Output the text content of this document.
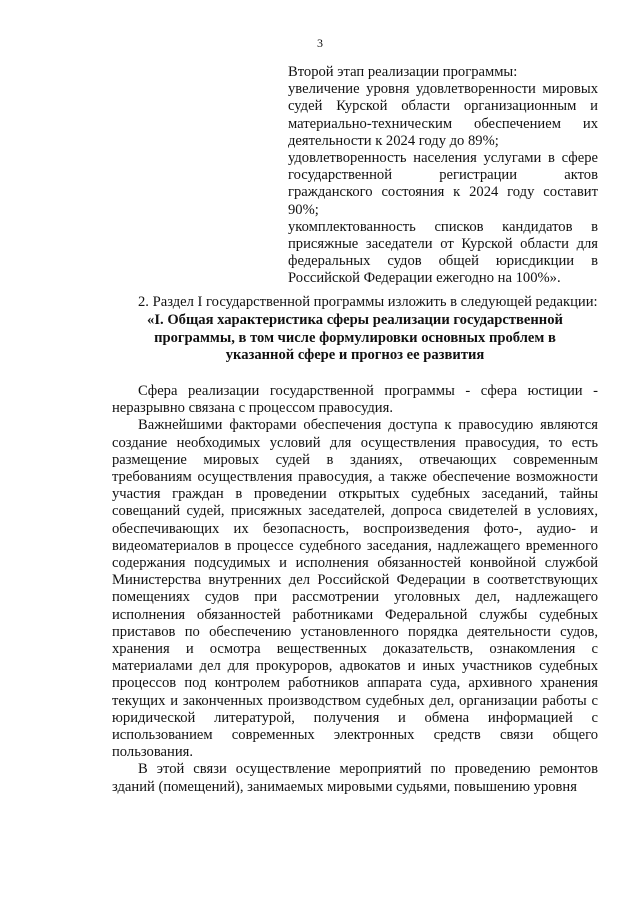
3

Второй этап реализации программы:

увеличение уровня удовлетворенности мировых судей Курской области организационным и материально-техническим обеспечением их деятельности к 2024 году до 89%;

удовлетворенность населения услугами в сфере государственной регистрации актов гражданского состояния к 2024 году составит 90%;

укомплектованность списков кандидатов в присяжные заседатели от Курской области для федеральных судов общей юрисдикции в Российской Федерации ежегодно на 100%».

2. Раздел I государственной программы изложить в следующей редакции:

«I. Общая характеристика сферы реализации государственной программы, в том числе формулировки основных проблем в указанной сфере и прогноз ее развития

Сфера реализации государственной программы - сфера юстиции - неразрывно связана с процессом правосудия.

Важнейшими факторами обеспечения доступа к правосудию являются создание необходимых условий для осуществления правосудия, то есть размещение мировых судей в зданиях, отвечающих современным требованиям осуществления правосудия, а также обеспечение возможности участия граждан в проведении открытых судебных заседаний, тайны совещаний судей, присяжных заседателей, допроса свидетелей в условиях, обеспечивающих их безопасность, воспроизведения фото-, аудио- и видеоматериалов в процессе судебного заседания, надлежащего временного содержания подсудимых и исполнения обязанностей конвойной службой Министерства внутренних дел Российской Федерации в соответствующих помещениях судов при рассмотрении уголовных дел, надлежащего исполнения обязанностей работниками Федеральной службы судебных приставов по обеспечению установленного порядка деятельности судов, хранения и осмотра вещественных доказательств, ознакомления с материалами дел для прокуроров, адвокатов и иных участников судебных процессов под контролем работников аппарата суда, архивного хранения текущих и законченных производством судебных дел, организации работы с юридической литературой, получения и обмена информацией с использованием современных электронных средств связи общего пользования.

В этой связи осуществление мероприятий по проведению ремонтов зданий (помещений), занимаемых мировыми судьями, повышению уровня
